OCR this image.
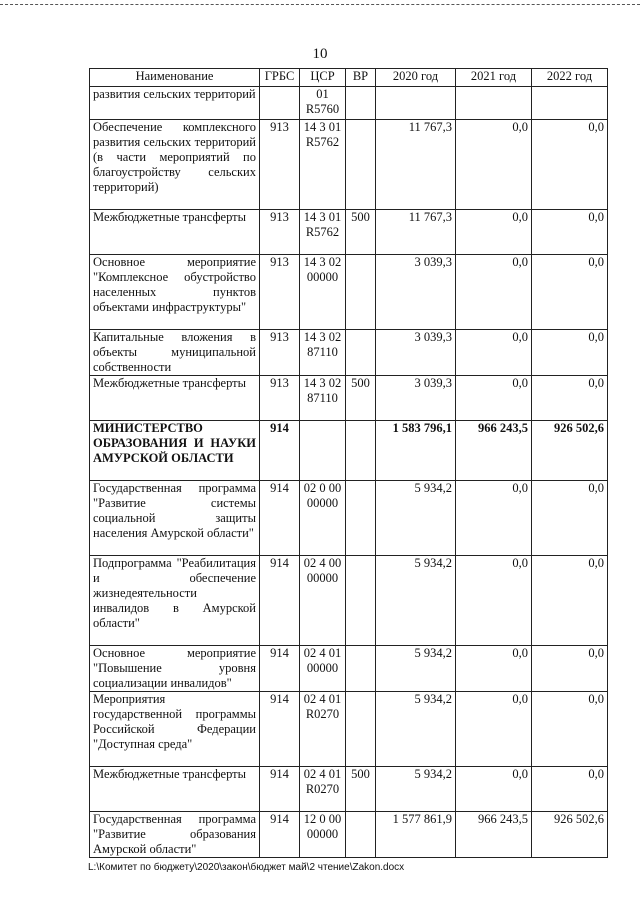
10
Наименование	ГРБС	ЦСР	ВР	2020 год	2021 год	2022 год
развития сельских территорий		01 R5760				
Обеспечение комплексного развития сельских территорий (в части мероприятий по благоустройству сельских территорий)	913	14 3 01 R5762		11 767,3	0,0	0,0
Межбюджетные трансферты	913	14 3 01 R5762	500	11 767,3	0,0	0,0
Основное мероприятие "Комплексное обустройство населенных пунктов объектами инфраструктуры"	913	14 3 02 00000		3 039,3	0,0	0,0
Капитальные вложения в объекты муниципальной собственности	913	14 3 02 87110		3 039,3	0,0	0,0
Межбюджетные трансферты	913	14 3 02 87110	500	3 039,3	0,0	0,0
МИНИСТЕРСТВО ОБРАЗОВАНИЯ И НАУКИ АМУРСКОЙ ОБЛАСТИ	914			1 583 796,1	966 243,5	926 502,6
Государственная программа "Развитие системы социальной защиты населения Амурской области"	914	02 0 00 00000		5 934,2	0,0	0,0
Подпрограмма "Реабилитация и обеспечение жизнедеятельности инвалидов в Амурской области"	914	02 4 00 00000		5 934,2	0,0	0,0
Основное мероприятие "Повышение уровня социализации инвалидов"	914	02 4 01 00000		5 934,2	0,0	0,0
Мероприятия государственной программы Российской Федерации "Доступная среда"	914	02 4 01 R0270		5 934,2	0,0	0,0
Межбюджетные трансферты	914	02 4 01 R0270	500	5 934,2	0,0	0,0
Государственная программа "Развитие образования Амурской области"	914	12 0 00 00000		1 577 861,9	966 243,5	926 502,6
L:\Комитет по бюджету\2020\закон\бюджет май\2 чтение\Zakon.docx
